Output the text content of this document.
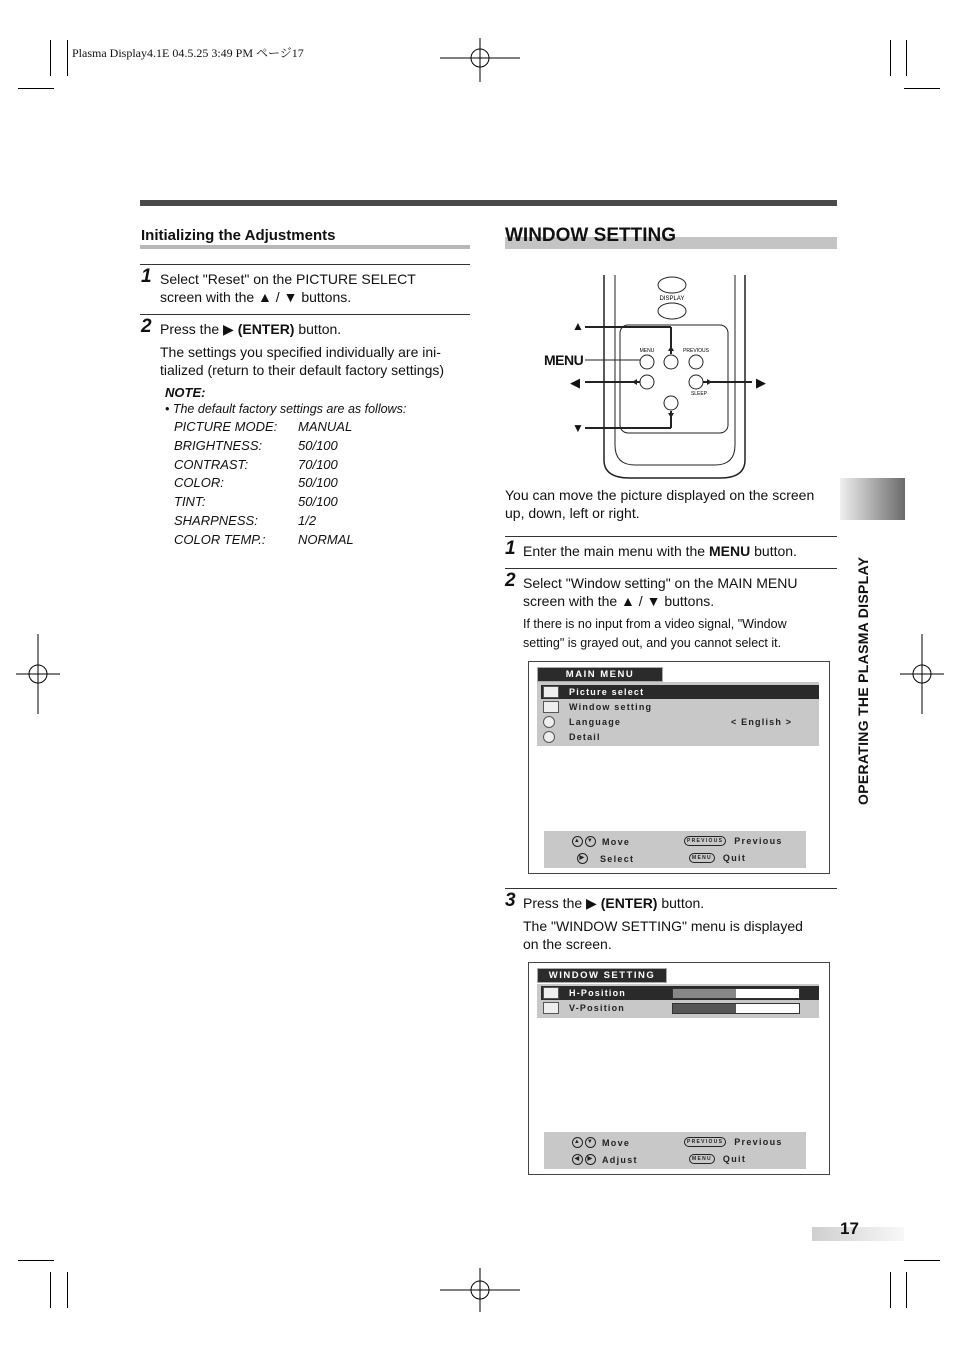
Plasma Display4.1E 04.5.25 3:49 PM ページ17
Initializing the Adjustments
1 Select "Reset" on the PICTURE SELECT
screen with the ▲ / ▼ buttons.
2 Press the ▶ (ENTER) button.
The settings you specified individually are ini-
tialized (return to their default factory settings)
NOTE:
• The default factory settings are as follows:
PICTURE MODE:	MANUAL
BRIGHTNESS:	50/100
CONTRAST:	70/100
COLOR:	50/100
TINT:	50/100
SHARPNESS:	1/2
COLOR TEMP.:	NORMAL
WINDOW SETTING
DISPLAY
MENU	PREVIOUS
SLEEP
▲
MENU
◀	▶
▼
You can move the picture displayed on the screen
up, down, left or right.
1 Enter the main menu with the MENU button.
2 Select "Window setting" on the MAIN MENU
screen with the ▲ / ▼ buttons.
If there is no input from a video signal, "Window
setting" is grayed out, and you cannot select it.
MAIN MENU
Picture select
Window setting
Language	< English >
Detail
▲ ▼ Move	PREVIOUS	Previous
▶ Select	MENU	Quit
3 Press the ▶ (ENTER) button.
The "WINDOW SETTING" menu is displayed
on the screen.
WINDOW SETTING
H-Position
V-Position
▲ ▼ Move	PREVIOUS	Previous
◀	▶ Adjust	MENU	Quit
OPERATING THE PLASMA DISPLAY
17
